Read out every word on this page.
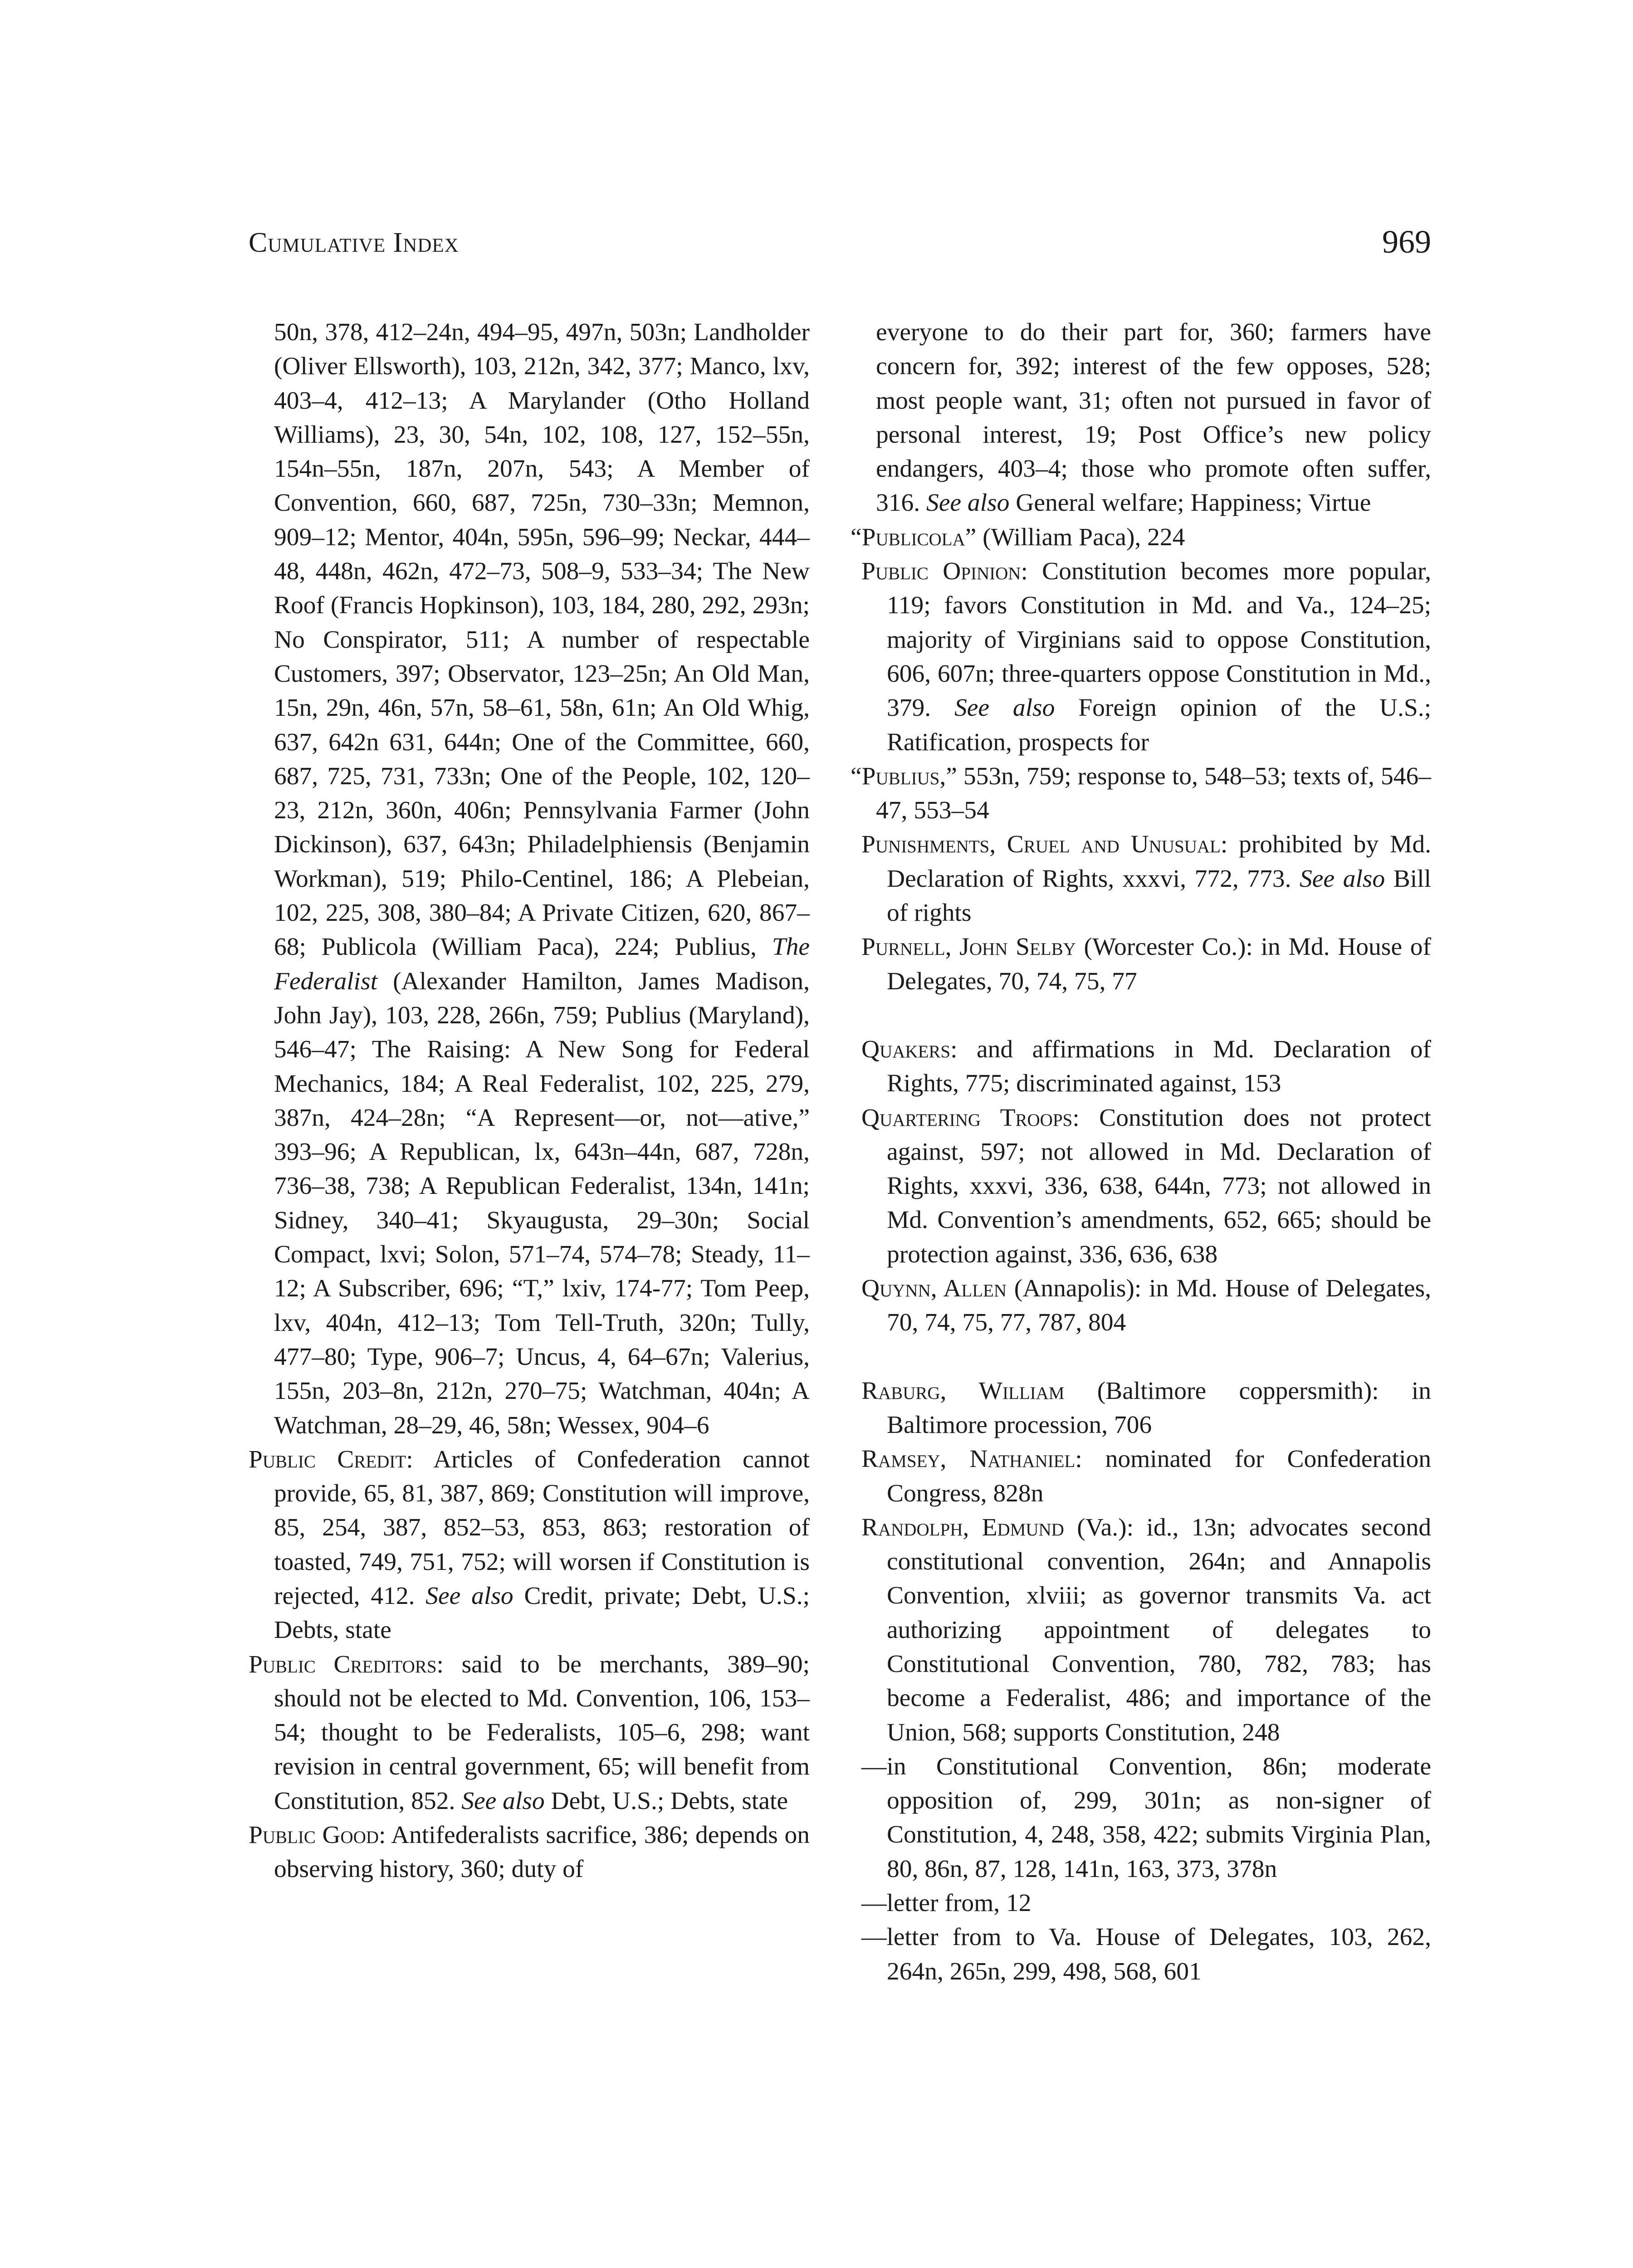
Cumulative Index	969

50n, 378, 412–24n, 494–95, 497n, 503n; Landholder (Oliver Ellsworth), 103, 212n, 342, 377; Manco, lxv, 403–4, 412–13; A Marylander (Otho Holland Williams), 23, 30, 54n, 102, 108, 127, 152–55n, 154n–55n, 187n, 207n, 543; A Member of Convention, 660, 687, 725n, 730–33n; Memnon, 909–12; Mentor, 404n, 595n, 596–99; Neckar, 444–48, 448n, 462n, 472–73, 508–9, 533–34; The New Roof (Francis Hopkinson), 103, 184, 280, 292, 293n; No Conspirator, 511; A number of respectable Customers, 397; Observator, 123–25n; An Old Man, 15n, 29n, 46n, 57n, 58–61, 58n, 61n; An Old Whig, 637, 642n 631, 644n; One of the Committee, 660, 687, 725, 731, 733n; One of the People, 102, 120–23, 212n, 360n, 406n; Pennsylvania Farmer (John Dickinson), 637, 643n; Philadelphiensis (Benjamin Workman), 519; Philo-Centinel, 186; A Plebeian, 102, 225, 308, 380–84; A Private Citizen, 620, 867–68; Publicola (William Paca), 224; Publius, The Federalist (Alexander Hamilton, James Madison, John Jay), 103, 228, 266n, 759; Publius (Maryland), 546–47; The Raising: A New Song for Federal Mechanics, 184; A Real Federalist, 102, 225, 279, 387n, 424–28n; “A Represent—or, not—ative,” 393–96; A Republican, lx, 643n–44n, 687, 728n, 736–38, 738; A Republican Federalist, 134n, 141n; Sidney, 340–41; Skyaugusta, 29–30n; Social Compact, lxvi; Solon, 571–74, 574–78; Steady, 11–12; A Subscriber, 696; “T,” lxiv, 174-77; Tom Peep, lxv, 404n, 412–13; Tom Tell-Truth, 320n; Tully, 477–80; Type, 906–7; Uncus, 4, 64–67n; Valerius, 155n, 203–8n, 212n, 270–75; Watchman, 404n; A Watchman, 28–29, 46, 58n; Wessex, 904–6

Public Credit: Articles of Confederation cannot provide, 65, 81, 387, 869; Constitution will improve, 85, 254, 387, 852–53, 853, 863; restoration of toasted, 749, 751, 752; will worsen if Constitution is rejected, 412. See also Credit, private; Debt, U.S.; Debts, state

Public Creditors: said to be merchants, 389–90; should not be elected to Md. Convention, 106, 153–54; thought to be Federalists, 105–6, 298; want revision in central government, 65; will benefit from Constitution, 852. See also Debt, U.S.; Debts, state

Public Good: Antifederalists sacrifice, 386; depends on observing history, 360; duty of

everyone to do their part for, 360; farmers have concern for, 392; interest of the few opposes, 528; most people want, 31; often not pursued in favor of personal interest, 19; Post Office’s new policy endangers, 403–4; those who promote often suffer, 316. See also General welfare; Happiness; Virtue

“Publicola” (William Paca), 224

Public Opinion: Constitution becomes more popular, 119; favors Constitution in Md. and Va., 124–25; majority of Virginians said to oppose Constitution, 606, 607n; three-quarters oppose Constitution in Md., 379. See also Foreign opinion of the U.S.; Ratification, prospects for

“Publius,” 553n, 759; response to, 548–53; texts of, 546–47, 553–54

Punishments, Cruel and Unusual: prohibited by Md. Declaration of Rights, xxxvi, 772, 773. See also Bill of rights

Purnell, John Selby (Worcester Co.): in Md. House of Delegates, 70, 74, 75, 77

Quakers: and affirmations in Md. Declaration of Rights, 775; discriminated against, 153

Quartering Troops: Constitution does not protect against, 597; not allowed in Md. Declaration of Rights, xxxvi, 336, 638, 644n, 773; not allowed in Md. Convention’s amendments, 652, 665; should be protection against, 336, 636, 638

Quynn, Allen (Annapolis): in Md. House of Delegates, 70, 74, 75, 77, 787, 804

Raburg, William (Baltimore coppersmith): in Baltimore procession, 706

Ramsey, Nathaniel: nominated for Confederation Congress, 828n

Randolph, Edmund (Va.): id., 13n; advocates second constitutional convention, 264n; and Annapolis Convention, xlviii; as governor transmits Va. act authorizing appointment of delegates to Constitutional Convention, 780, 782, 783; has become a Federalist, 486; and importance of the Union, 568; supports Constitution, 248

—in Constitutional Convention, 86n; moderate opposition of, 299, 301n; as non-signer of Constitution, 4, 248, 358, 422; submits Virginia Plan, 80, 86n, 87, 128, 141n, 163, 373, 378n

—letter from, 12

—letter from to Va. House of Delegates, 103, 262, 264n, 265n, 299, 498, 568, 601
